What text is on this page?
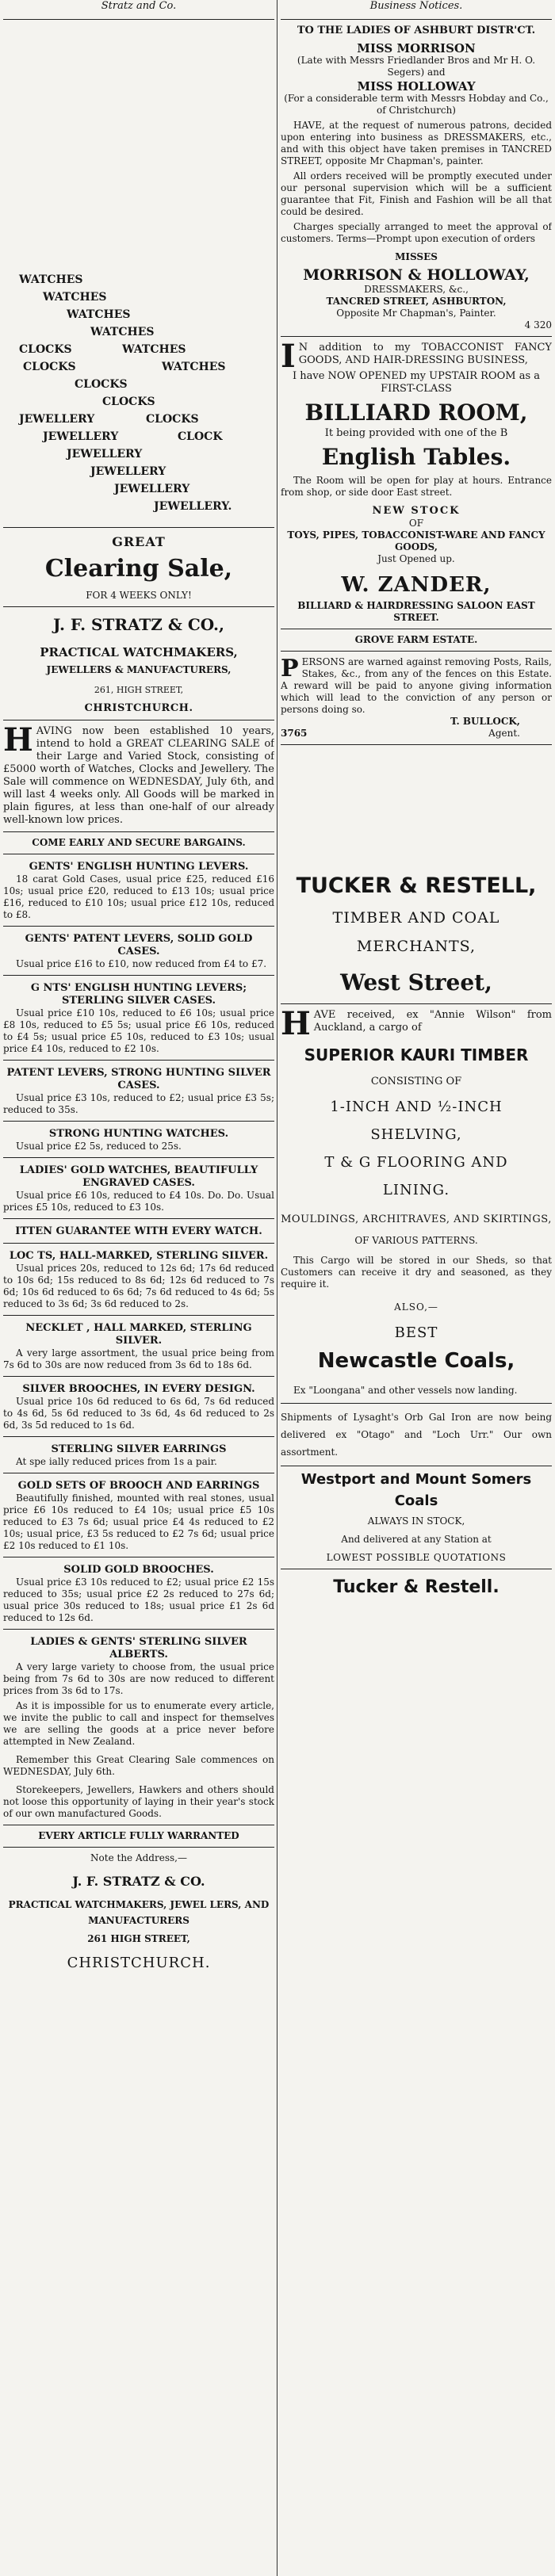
Stratz and Co.
WATCHES
WATCHES
WATCHES
WATCHES
CLOCKS	WATCHES
CLOCKS	WATCHES
CLOCKS
CLOCKS
JEWELLERY	CLOCKS
JEWELLERY	CLOCK
JEWELLERY
JEWELLERY
JEWELLERY
JEWELLERY.
GREAT
Clearing Sale,
FOR 4 WEEKS ONLY!
J. F. STRATZ & CO.,
PRACTICAL WATCHMAKERS,
JEWELLERS & MANUFACTURERS,
261, HIGH STREET,
CHRISTCHURCH.

HAVING now been established 10 years, intend to hold a GREAT CLEARING SALE of their Large and Varied Stock, consisting of £5000 worth of Watches, Clocks and Jewellery. The Sale will commence on WEDNESDAY, July 6th, and will last 4 weeks only. All Goods will be marked in plain figures, at less than one-half of our already well-known low prices.

COME EARLY AND SECURE BARGAINS.
GENTS' ENGLISH HUNTING LEVERS.

18 carat Gold Cases, usual price £25, reduced £16 10s; usual price £20, reduced to £13 10s; usual price £16, reduced to £10 10s; usual price £12 10s, reduced to £8.

GENTS' PATENT LEVERS, SOLID GOLD CASES.

Usual price £16 to £10, now reduced from £4 to £7.

G NTS' ENGLISH HUNTING LEVERS; STERLING SILVER CASES.

Usual price £10 10s, reduced to £6 10s; usual price £8 10s, reduced to £5 5s; usual price £6 10s, reduced to £4 5s; usual price £5 10s, reduced to £3 10s; usual price £4 10s, reduced to £2 10s.

PATENT LEVERS, STRONG HUNTING SILVER CASES.

Usual price £3 10s, reduced to £2; usual price £3 5s; reduced to 35s.

STRONG HUNTING WATCHES.

Usual price £2 5s, reduced to 25s.

LADIES' GOLD WATCHES, BEAUTIFULLY ENGRAVED CASES.

Usual price £6 10s, reduced to £4 10s. Do. Do. Usual prices £5 10s, reduced to £3 10s.

ITTEN GUARANTEE WITH EVERY WATCH.
LOC TS, HALL-MARKED, STERLING SILVER.

Usual prices 20s, reduced to 12s 6d; 17s 6d reduced to 10s 6d; 15s reduced to 8s 6d; 12s 6d reduced to 7s 6d; 10s 6d reduced to 6s 6d; 7s 6d reduced to 4s 6d; 5s reduced to 3s 6d; 3s 6d reduced to 2s.

NECKLET , HALL MARKED, STERLING SILVER.

A very large assortment, the usual price being from 7s 6d to 30s are now reduced from 3s 6d to 18s 6d.

SILVER BROOCHES, IN EVERY DESIGN.

Usual price 10s 6d reduced to 6s 6d, 7s 6d reduced to 4s 6d, 5s 6d reduced to 3s 6d, 4s 6d reduced to 2s 6d, 3s 5d reduced to 1s 6d.

STERLING SILVER EARRINGS

At spe ially reduced prices from 1s a pair.

GOLD SETS OF BROOCH AND EARRINGS

Beautifully finished, mounted with real stones, usual price £6 10s reduced to £4 10s; usual price £5 10s reduced to £3 7s 6d; usual price £4 4s reduced to £2 10s; usual price, £3 5s reduced to £2 7s 6d; usual price £2 10s reduced to £1 10s.

SOLID GOLD BROOCHES.

Usual price £3 10s reduced to £2; usual price £2 15s reduced to 35s; usual price £2 2s reduced to 27s 6d; usual price 30s reduced to 18s; usual price £1 2s 6d reduced to 12s 6d.

LADIES & GENTS' STERLING SILVER ALBERTS.

A very large variety to choose from, the usual price being from 7s 6d to 30s are now reduced to different prices from 3s 6d to 17s.

As it is impossible for us to enumerate every article, we invite the public to call and inspect for themselves we are selling the goods at a price never before attempted in New Zealand.

Remember this Great Clearing Sale commences on WEDNESDAY, July 6th.

Storekeepers, Jewellers, Hawkers and others should not loose this opportunity of laying in their year's stock of our own manufactured Goods.

EVERY ARTICLE FULLY WARRANTED
Note the Address,—
J. F. STRATZ & CO.
PRACTICAL WATCHMAKERS, JEWEL LERS, AND MANUFACTURERS
261 HIGH STREET,
CHRISTCHURCH.
Business Notices.
TO THE LADIES OF ASHBURT DISTR'CT.
MISS MORRISON
(Late with Messrs Friedlander Bros and Mr H. O. Segers) and
MISS HOLLOWAY
(For a considerable term with Messrs Hobday and Co., of Christchurch)

HAVE, at the request of numerous patrons, decided upon entering into business as DRESSMAKERS, etc., and with this object have taken premises in TANCRED STREET, opposite Mr Chapman's, painter.

All orders received will be promptly executed under our personal supervision which will be a sufficient guarantee that Fit, Finish and Fashion will be all that could be desired.

Charges specially arranged to meet the approval of customers. Terms—Prompt upon execution of orders

MISSES
MORRISON & HOLLOWAY,
DRESSMAKERS, &c.,
TANCRED STREET, ASHBURTON,
Opposite Mr Chapman's, Painter.
4 320

I N addition to my TOBACCONIST FANCY GOODS, AND HAIR-DRESSING BUSINESS,

I have NOW OPENED my UPSTAIR ROOM as a FIRST-CLASS

BILLIARD ROOM,
It being provided with one of the B
English Tables.

The Room will be open for play at hours. Entrance from shop, or side door East street.

NEW STOCK
OF
TOYS, PIPES, TOBACCONIST-WARE AND FANCY GOODS,
Just Opened up.
W. ZANDER,
BILLIARD & HAIRDRESSING SALOON EAST STREET.
GROVE FARM ESTATE.

PERSONS are warned against removing Posts, Rails, Stakes, &c., from any of the fences on this Estate. A reward will be paid to anyone giving information which will lead to the conviction of any person or persons doing so.

T. BULLOCK,
3765	Agent.
TUCKER & RESTELL,
TIMBER AND COAL
MERCHANTS,
West Street,

HAVE received, ex "Annie Wilson" from Auckland, a cargo of

SUPERIOR KAURI TIMBER
CONSISTING OF
1-INCH AND ½-INCH
SHELVING,
T & G FLOORING AND
LINING.
MOULDINGS, ARCHITRAVES, AND SKIRTINGS,
OF VARIOUS PATTERNS.

This Cargo will be stored in our Sheds, so that Customers can receive it dry and seasoned, as they require it.

ALSO,—
BEST
Newcastle Coals,

Ex "Loongana" and other vessels now landing.

Shipments of Lysaght's Orb Gal Iron are now being delivered ex "Otago" and "Loch Urr." Our own assortment.

Westport and Mount Somers
Coals
ALWAYS IN STOCK,
And delivered at any Station at
LOWEST POSSIBLE QUOTATIONS
Tucker & Restell.
